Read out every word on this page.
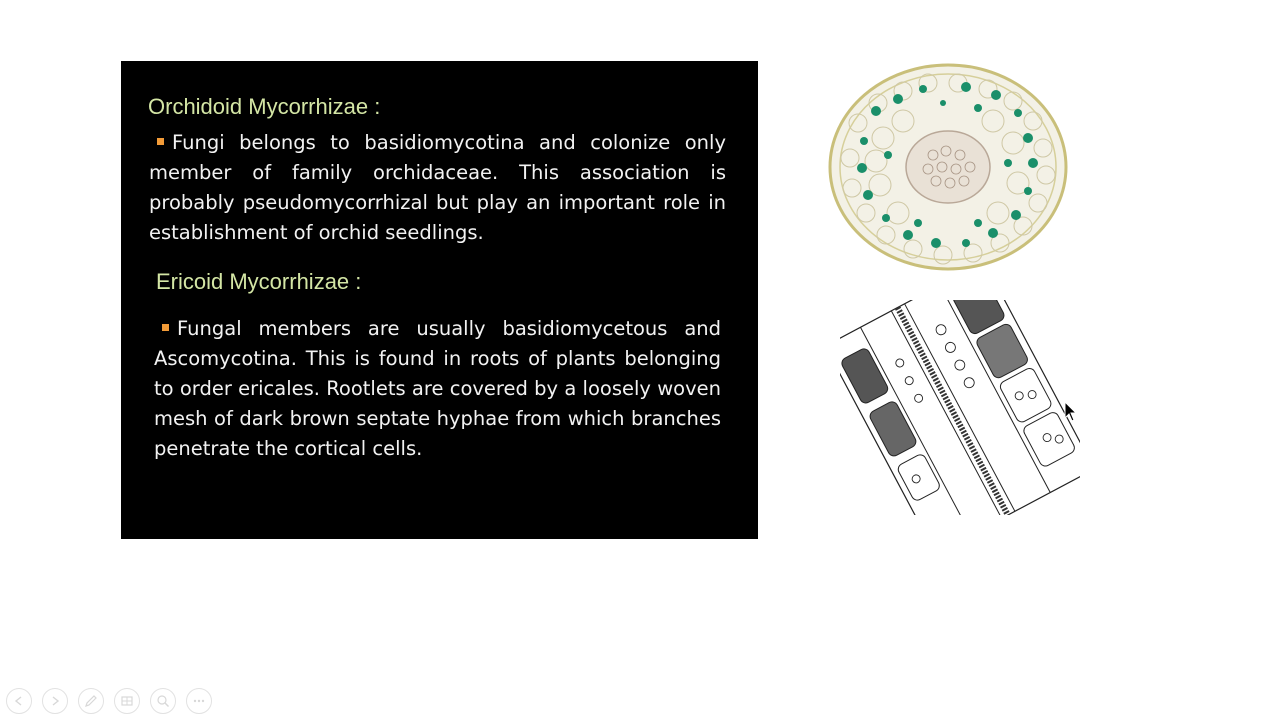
Orchidoid Mycorrhizae :
Fungi belongs to basidiomycotina and colonize only member of family orchidaceae. This association is probably pseudomycorrhizal but play an important role in establishment of orchid seedlings.
Ericoid Mycorrhizae :
Fungal members are usually basidiomycetous and Ascomycotina. This is found in roots of plants belonging to order ericales. Rootlets are covered by a loosely woven mesh of dark brown septate hyphae from which branches penetrate the cortical cells.
